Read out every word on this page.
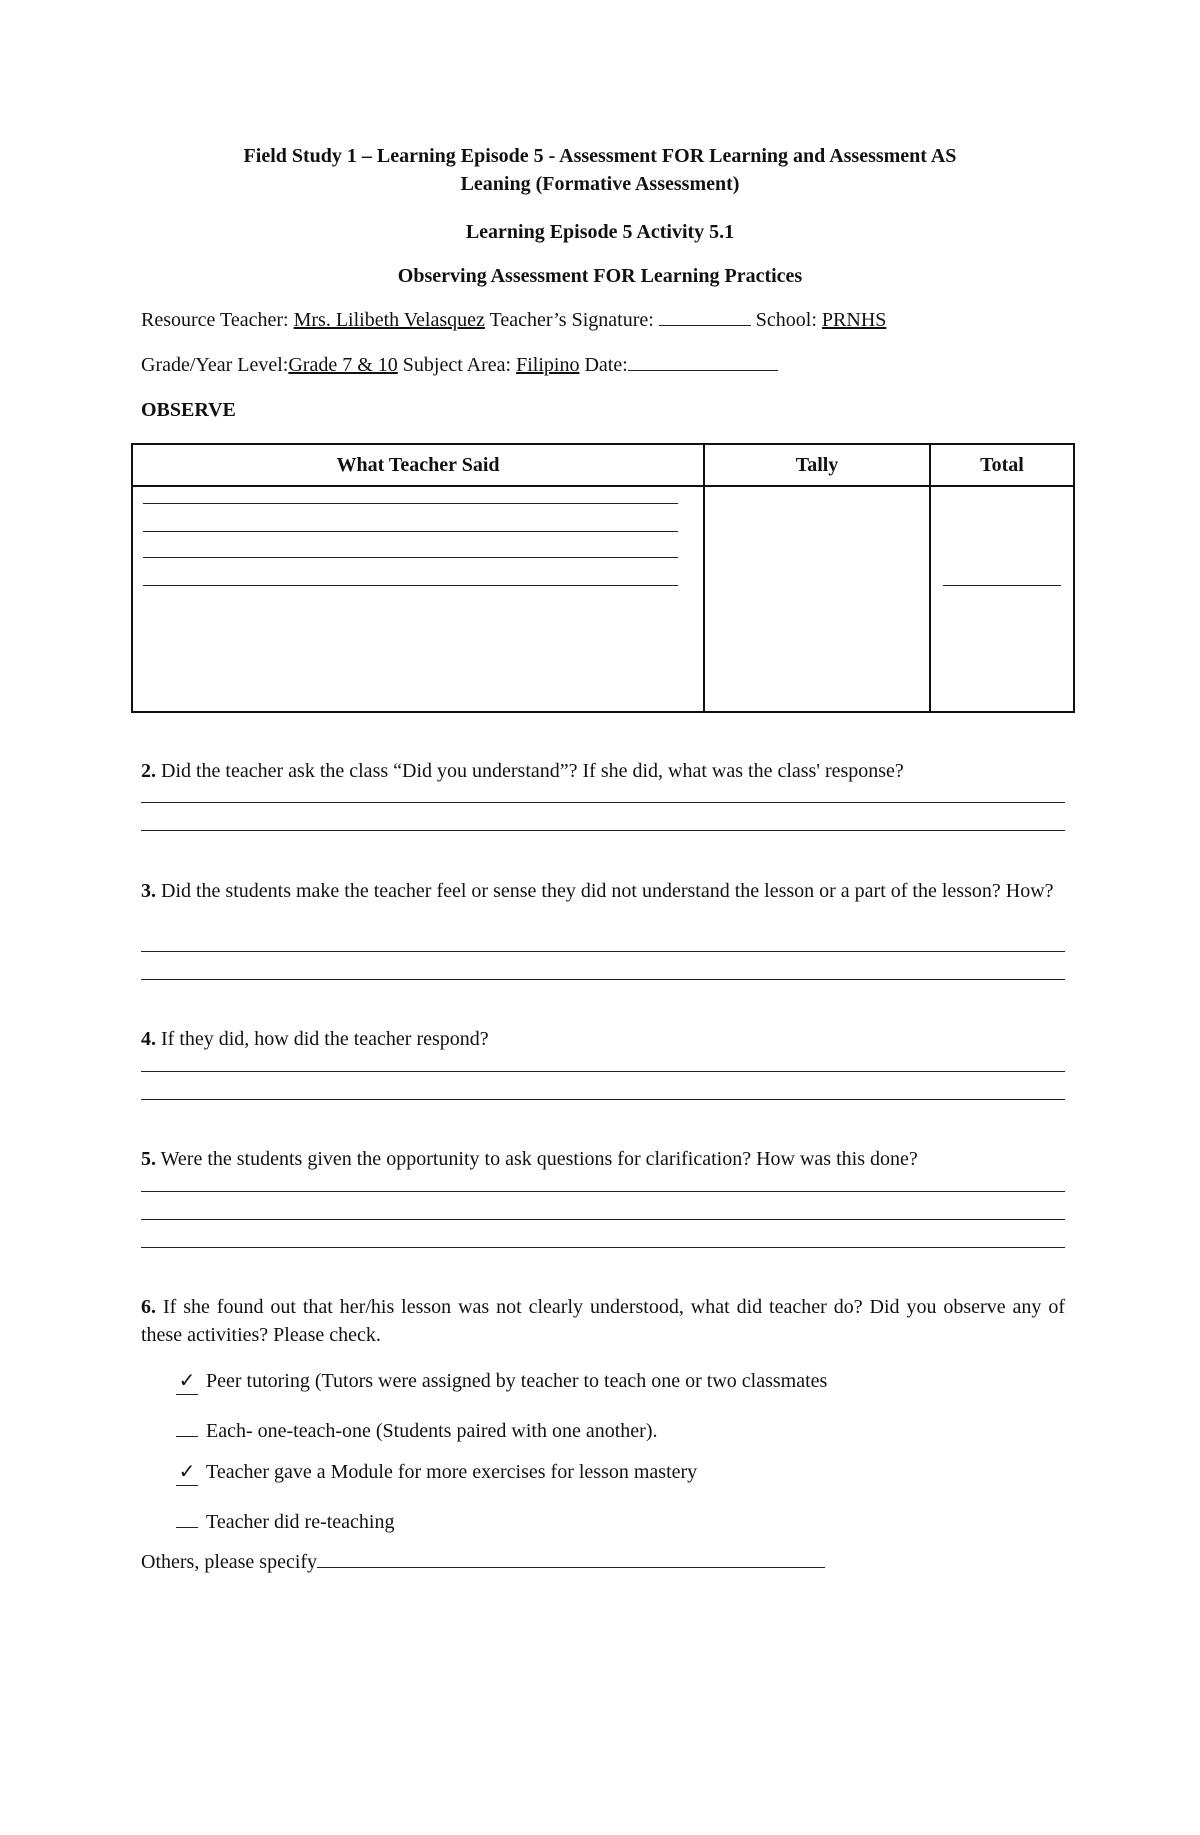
Field Study 1 – Learning Episode 5 - Assessment FOR Learning and Assessment AS
Leaning (Formative Assessment)
Learning Episode 5 Activity 5.1
Observing Assessment FOR Learning Practices
Resource Teacher: Mrs. Lilibeth Velasquez Teacher’s Signature:	School: PRNHS
Grade/Year Level:Grade 7 & 10 Subject Area: Filipino Date:
OBSERVE
What Teacher Said	Tally	Total

2. Did the teacher ask the class “Did you understand”? If she did, what was the class' response?
3. Did the students make the teacher feel or sense they did not understand the lesson or a part of the lesson? How?
4. If they did, how did the teacher respond?
5. Were the students given the opportunity to ask questions for clarification? How was this done?
6. If she found out that her/his lesson was not clearly understood, what did teacher do? Did you observe any of these activities? Please check.
✓ Peer tutoring (Tutors were assigned by teacher to teach one or two classmates
Each- one-teach-one (Students paired with one another).
✓ Teacher gave a Module for more exercises for lesson mastery
Teacher did re-teaching
Others, please specify
